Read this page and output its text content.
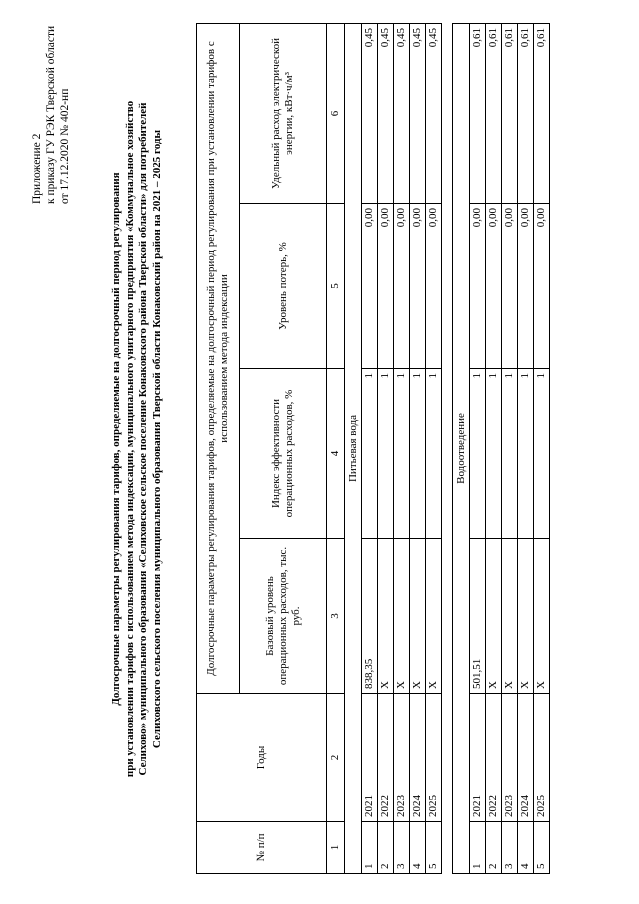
Приложение 2 к приказу ГУ РЭК Тверской области от 17.12.2020 № 402-нп
Долгосрочные параметры регулирования тарифов, определяемые на долгосрочный период регулирования при установлении тарифов с использованием метода индексации, муниципального унитарного предприятия «Коммунальное хозяйство Селихово» муниципального образования «Селиховское сельское поселение Конаковского района Тверской области» для потребителей Селиховского сельского поселения муниципального образования Тверской области Конаковский район на 2021 – 2025 годы
№ п/п	Годы	Долгосрочные параметры регулирования тарифов, определяемые на долгосрочный период регулирования при установлении тарифов с использованием метода индексации			
		Базовый уровень операционных расходов, тыс. руб.	Индекс эффективности операционных расходов, %	Уровень потерь, %	Удельный расход электрической энергии, кВт·ч/м³
1	2	3	4	5	6
Питьевая вода					
1	2021	838,35	1	0,00	0,45
2	2022	X	1	0,00	0,45
3	2023	X	1	0,00	0,45
4	2024	X	1	0,00	0,45
5	2025	X	1	0,00	0,45

Водоотведение					
1	2021	501,51	1	0,00	0,61
2	2022	X	1	0,00	0,61
3	2023	X	1	0,00	0,61
4	2024	X	1	0,00	0,61
5	2025	X	1	0,00	0,61
